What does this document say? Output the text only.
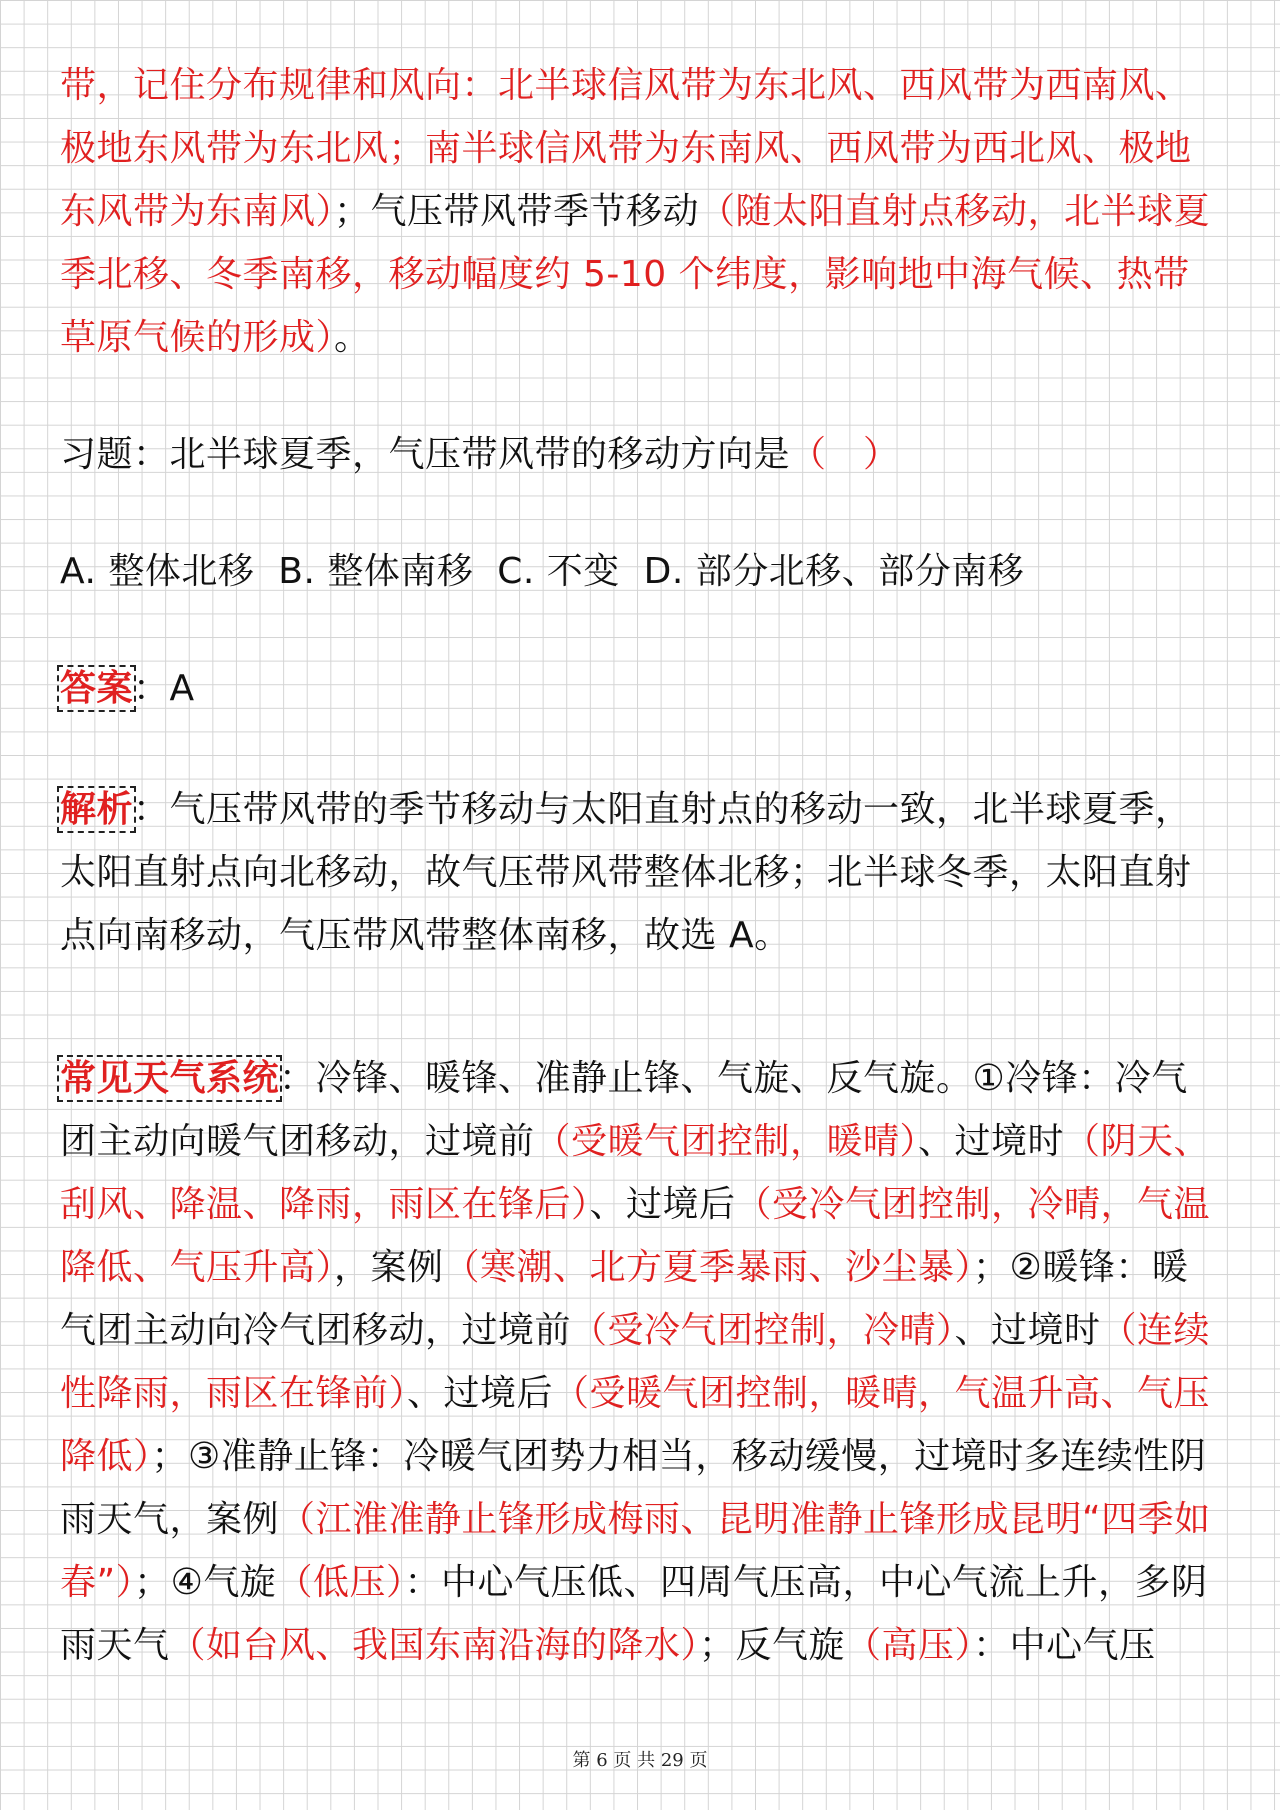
带，记住分布规律和风向：北半球信风带为东北风、西风带为西南风、极地东风带为东北风；南半球信风带为东南风、西风带为西北风、极地东风带为东南风）；气压带风带季节移动（随太阳直射点移动，北半球夏季北移、冬季南移，移动幅度约 5-10 个纬度，影响地中海气候、热带草原气候的形成）。

习题：北半球夏季，气压带风带的移动方向是（　）

A. 整体北移  B. 整体南移  C. 不变  D. 部分北移、部分南移

答案：A

解析：气压带风带的季节移动与太阳直射点的移动一致，北半球夏季，太阳直射点向北移动，故气压带风带整体北移；北半球冬季，太阳直射点向南移动，气压带风带整体南移，故选 A。

常见天气系统：冷锋、暖锋、准静止锋、气旋、反气旋。①冷锋：冷气团主动向暖气团移动，过境前（受暖气团控制，暖晴）、过境时（阴天、刮风、降温、降雨，雨区在锋后）、过境后（受冷气团控制，冷晴，气温降低、气压升高），案例（寒潮、北方夏季暴雨、沙尘暴）；②暖锋：暖气团主动向冷气团移动，过境前（受冷气团控制，冷晴）、过境时（连续性降雨，雨区在锋前）、过境后（受暖气团控制，暖晴，气温升高、气压降低）；③准静止锋：冷暖气团势力相当，移动缓慢，过境时多连续性阴雨天气，案例（江淮准静止锋形成梅雨、昆明准静止锋形成昆明“四季如春”）；④气旋（低压）：中心气压低、四周气压高，中心气流上升，多阴雨天气（如台风、我国东南沿海的降水）；反气旋（高压）：中心气压

第 6 页 共 29 页
